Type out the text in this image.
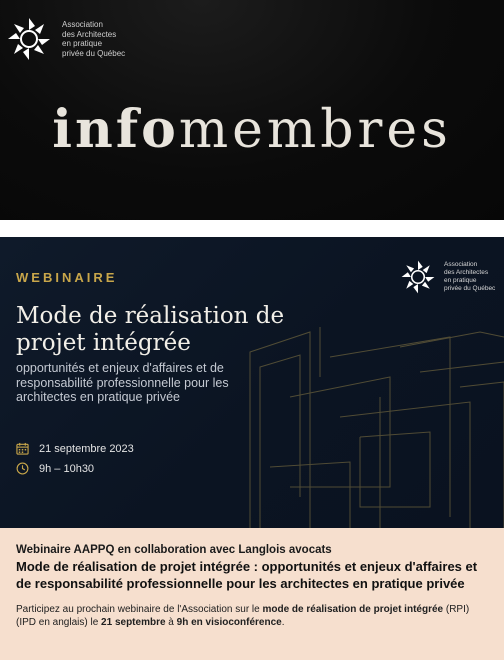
Association
des Architectes
en pratique
privée du Québec
infomembres
WEBINAIRE
Association
des Architectes
en pratique
privée du Québec
Mode de réalisation de
projet intégrée
opportunités et enjeux d'affaires et de
responsabilité professionnelle pour les
architectes en pratique privée
21 septembre 2023
9h – 10h30
Webinaire AAPPQ en collaboration avec Langlois avocats
Mode de réalisation de projet intégrée : opportunités et enjeux d'affaires et
de responsabilité professionnelle pour les architectes en pratique privée

Participez au prochain webinaire de l'Association sur le mode de réalisation de projet intégrée (RPI) (IPD en anglais) le 21 septembre à 9h en visioconférence.
